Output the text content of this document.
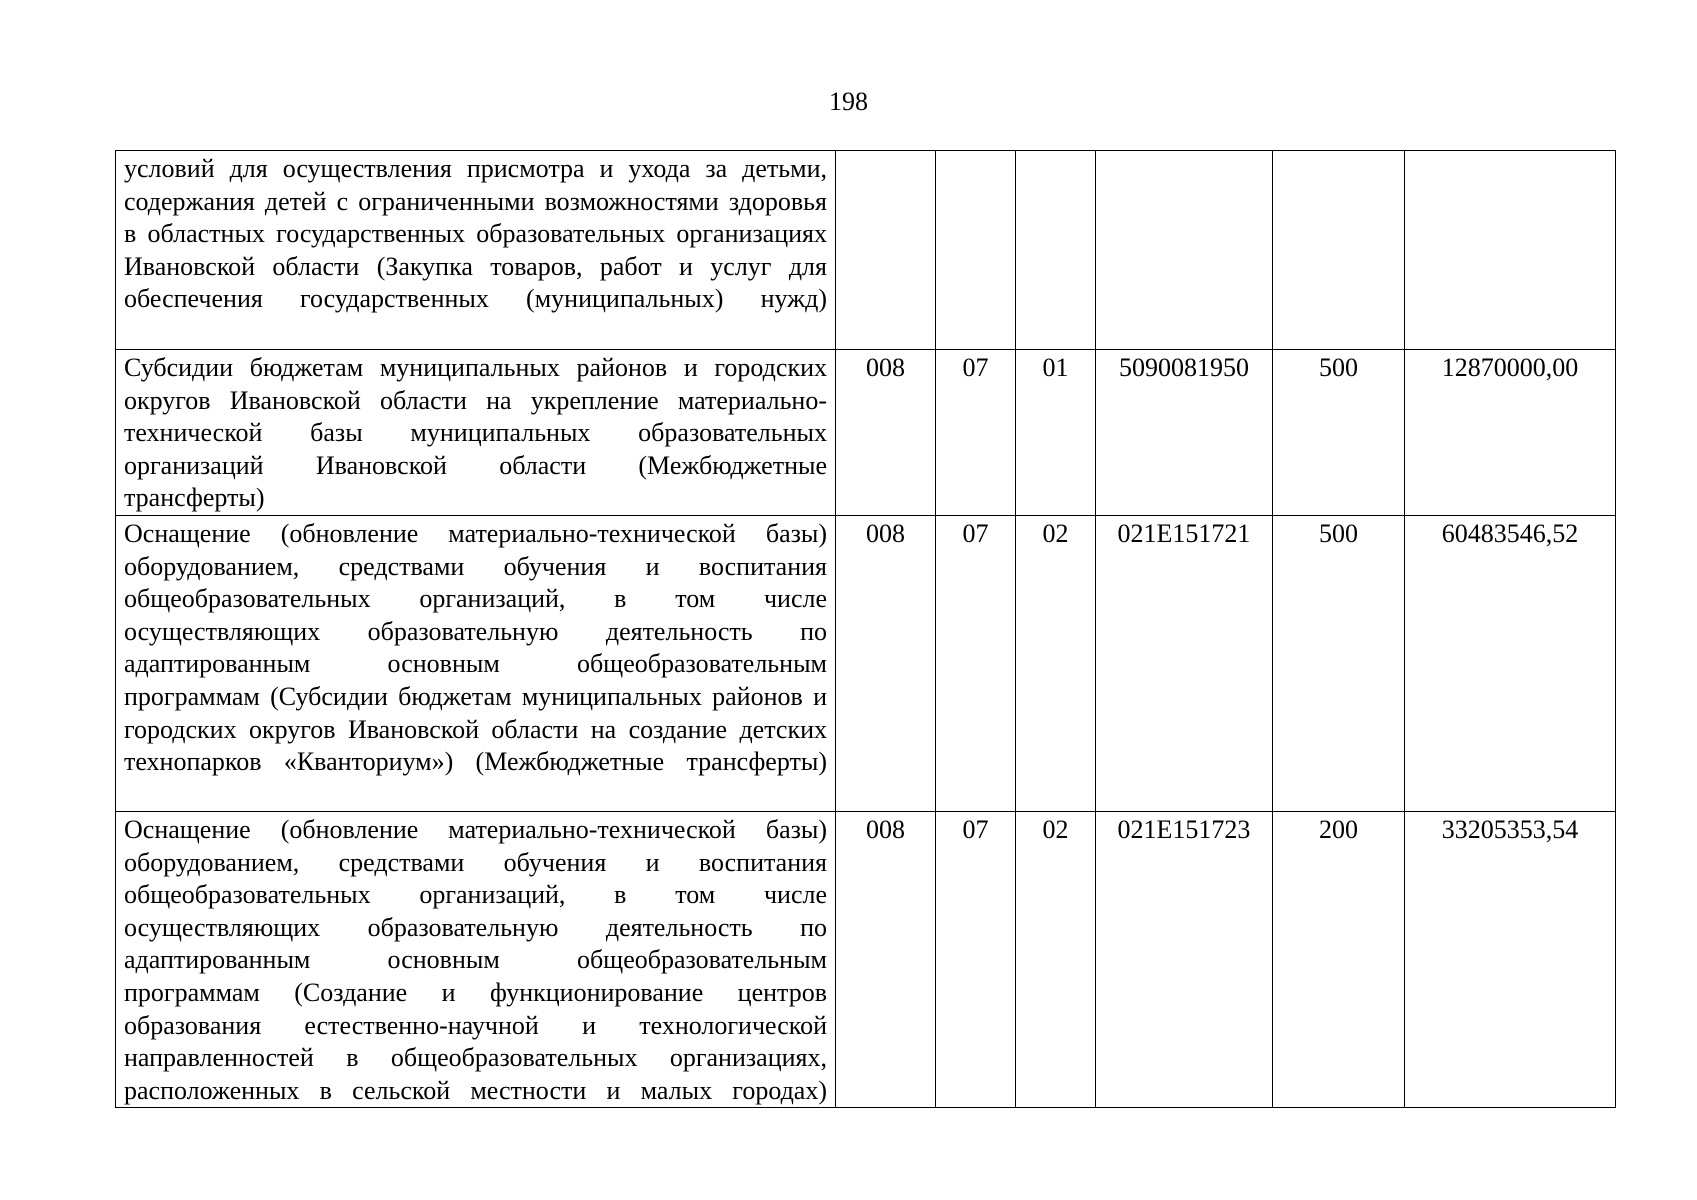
198
условий для осуществления присмотра и ухода за детьми, содержания детей с ограниченными возможностями здоровья в областных государственных образовательных организациях Ивановской области (Закупка товаров, работ и услуг для обеспечения государственных (муниципальных) нужд)						
Субсидии бюджетам муниципальных районов и городских округов Ивановской области на укрепление материально-технической базы муниципальных образовательных организаций Ивановской области (Межбюджетные трансферты)	008	07	01	5090081950	500	12870000,00
Оснащение (обновление материально-технической базы) оборудованием, средствами обучения и воспитания общеобразовательных организаций, в том числе осуществляющих образовательную деятельность по адаптированным основным общеобразовательным программам (Субсидии бюджетам муниципальных районов и городских округов Ивановской области на создание детских технопарков «Кванториум») (Межбюджетные трансферты)	008	07	02	021E151721	500	60483546,52
Оснащение (обновление материально-технической базы) оборудованием, средствами обучения и воспитания общеобразовательных организаций, в том числе осуществляющих образовательную деятельность по адаптированным основным общеобразовательным программам (Создание и функционирование центров образования естественно-научной и технологической направленностей в общеобразовательных организациях, расположенных в сельской местности и малых городах)	008	07	02	021E151723	200	33205353,54
